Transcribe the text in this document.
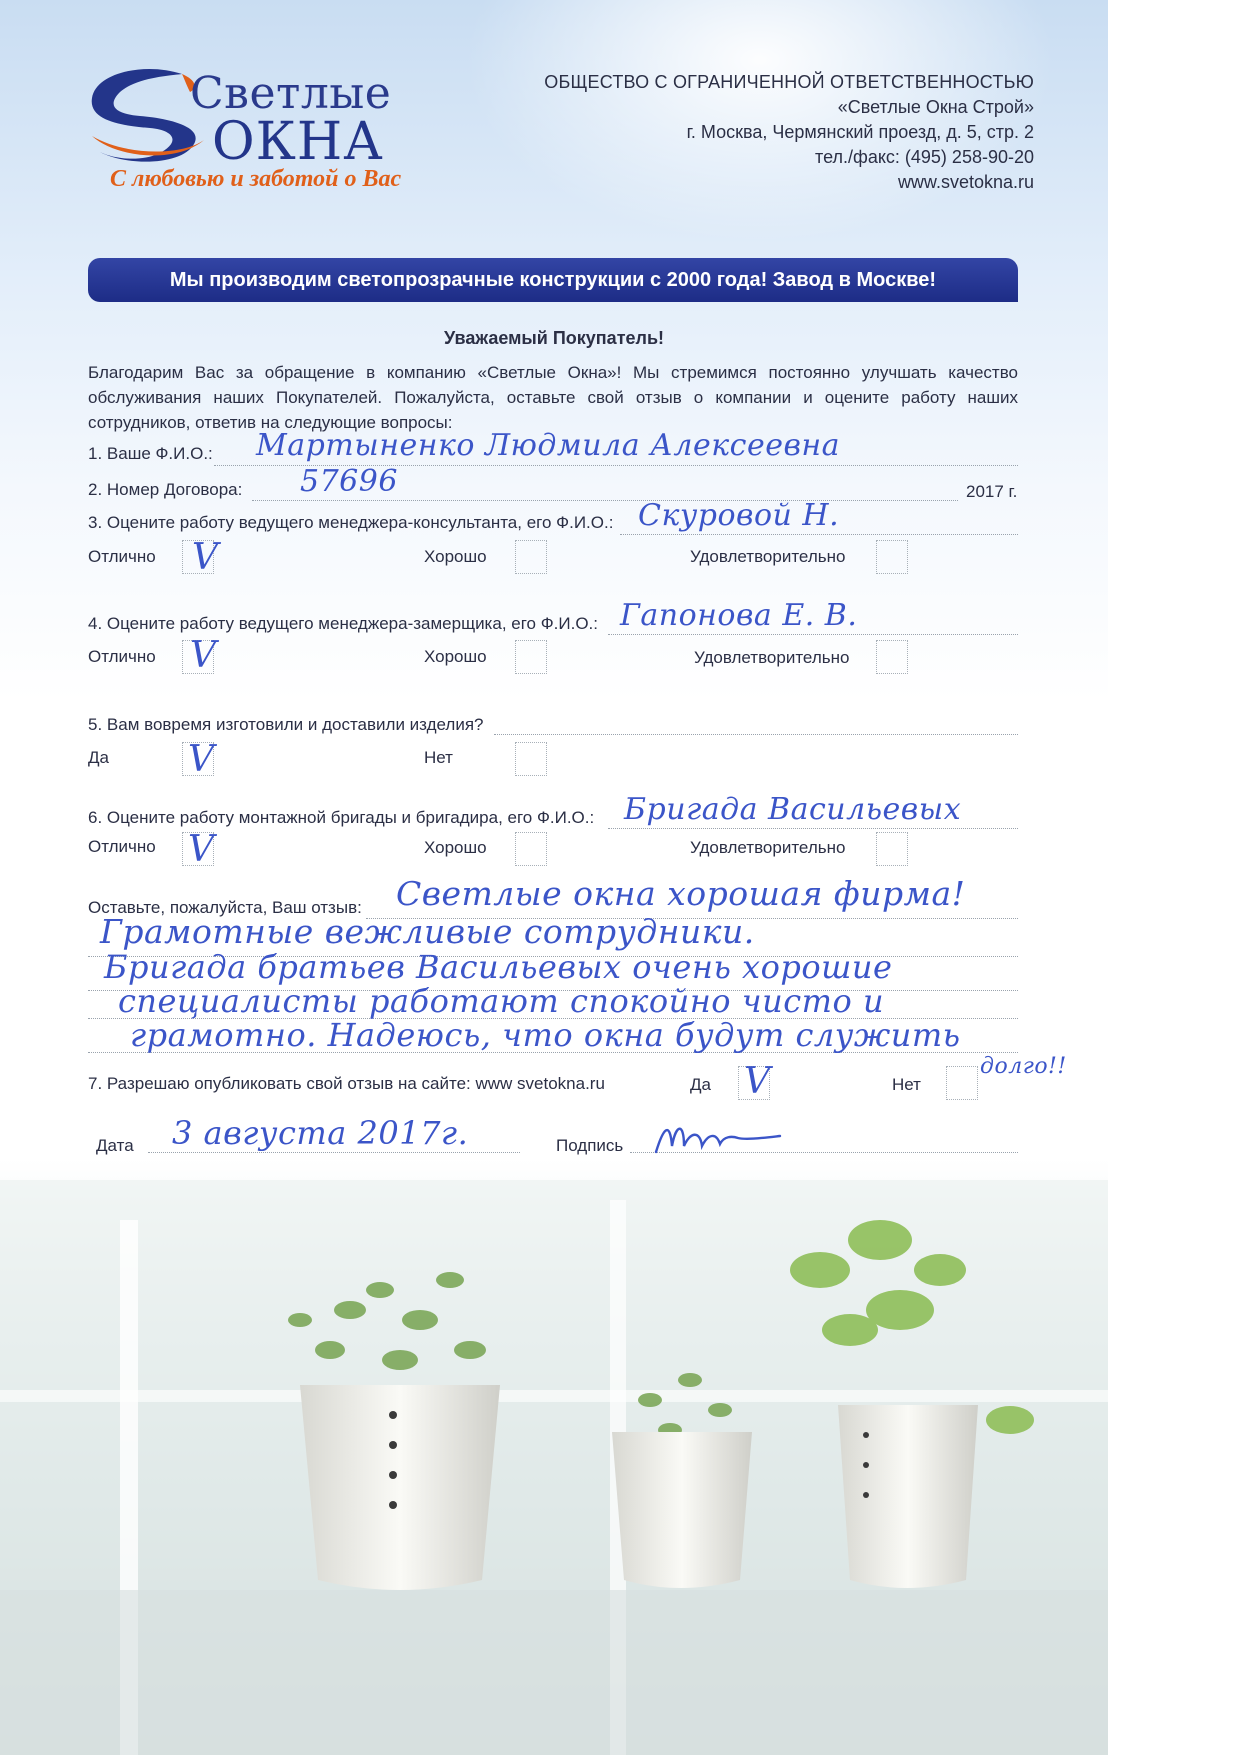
Светлые
ОКНА
С любовью и заботой о Вас
ОБЩЕСТВО С ОГРАНИЧЕННОЙ ОТВЕТСТВЕННОСТЬЮ
«Светлые Окна Строй»
г. Москва, Чермянский проезд, д. 5, стр. 2
тел./факс: (495) 258-90-20
www.svetokna.ru
Мы производим светопрозрачные конструкции с 2000 года! Завод в Москве!
Уважаемый Покупатель!
Благодарим Вас за обращение в компанию «Светлые Окна»! Мы стремимся постоянно улучшать качество обслуживания наших Покупателей. Пожалуйста, оставьте свой отзыв о компании и оцените работу наших сотрудников, ответив на следующие вопросы:
1. Ваше Ф.И.О.: Мартыненко Людмила Алексеевна
2. Номер Договора: 57696	2017 г.
3. Оцените работу ведущего менеджера-консультанта, его Ф.И.О.: Скуровой Н.
Отлично V	Хорошо	Удовлетворительно
4. Оцените работу ведущего менеджера-замерщика, его Ф.И.О.: Гапонова Е. В.
Отлично V	Хорошо	Удовлетворительно
5. Вам вовремя изготовили и доставили изделия?
Да V	Нет
6. Оцените работу монтажной бригады и бригадира, его Ф.И.О.: Бригада Васильевых
Отлично V	Хорошо	Удовлетворительно
Оставьте, пожалуйста, Ваш отзыв: Светлые окна хорошая фирма!
Грамотные вежливые сотрудники.
Бригада братьев Васильевых очень хорошие
специалисты работают спокойно чисто и
грамотно. Надеюсь, что окна будут служить
долго!!
7. Разрешаю опубликовать свой отзыв на сайте: www svetokna.ru	Да V	Нет
Дата 3 августа 2017г.	Подпись
